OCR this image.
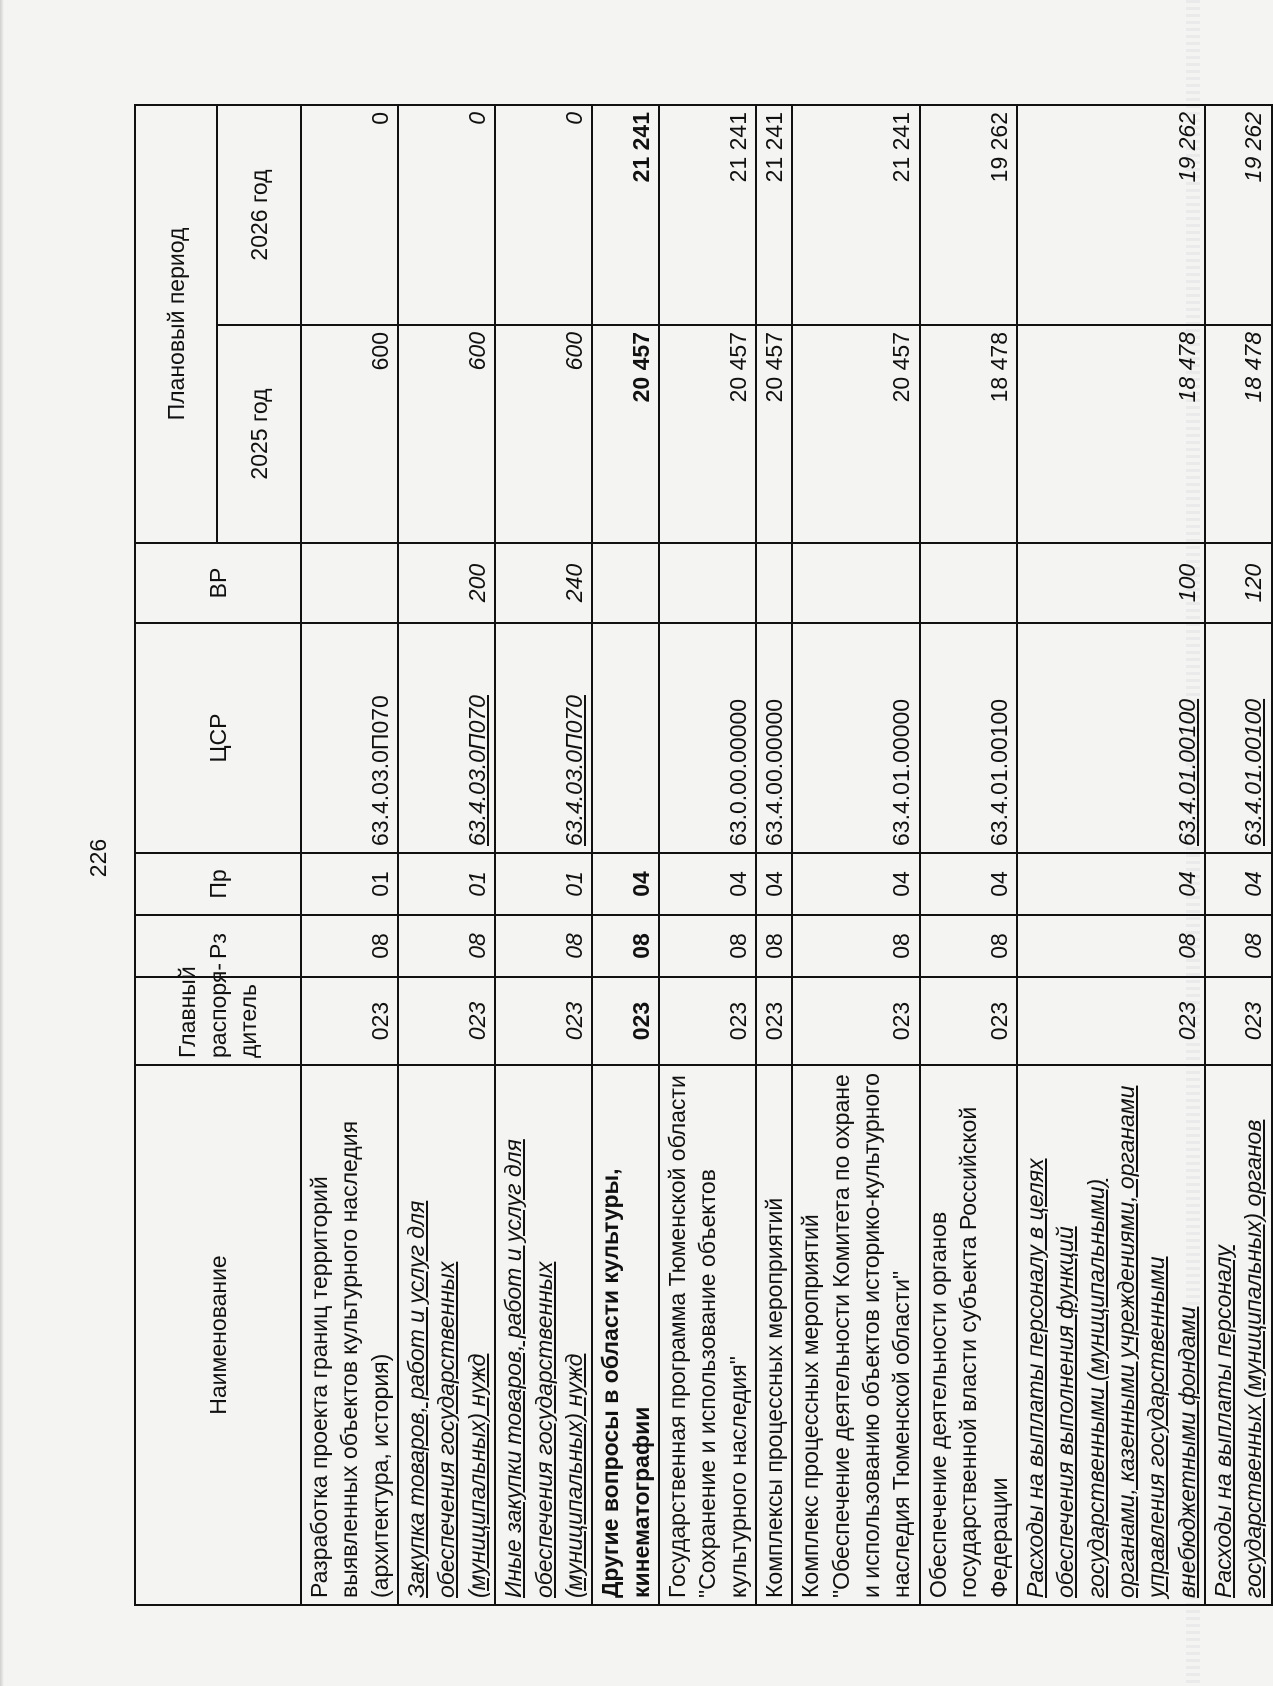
226
Наименование	Главный распоря-дитель	Рз	Пр	ЦСР	ВР	Плановый период	
						2025 год	2026 год
Разработка проекта границ территорий выявленных объектов культурного наследия (архитектура, история)	023	08	01	63.4.03.0П070		600	0
Закупка товаров, работ и услуг для обеспечения государственных (муниципальных) нужд	023	08	01	63.4.03.0П070	200	600	0
Иные закупки товаров, работ и услуг для обеспечения государственных (муниципальных) нужд	023	08	01	63.4.03.0П070	240	600	0
Другие вопросы в области культуры, кинематографии	023	08	04			20 457	21 241
Государственная программа Тюменской области "Сохранение и использование объектов культурного наследия"	023	08	04	63.0.00.00000		20 457	21 241
Комплексы процессных мероприятий	023	08	04	63.4.00.00000		20 457	21 241
Комплекс процессных мероприятий "Обеспечение деятельности Комитета по охране и использованию объектов историко-культурного наследия Тюменской области"	023	08	04	63.4.01.00000		20 457	21 241
Обеспечение деятельности органов государственной власти субъекта Российской Федерации	023	08	04	63.4.01.00100		18 478	19 262
Расходы на выплаты персоналу в целях обеспечения выполнения функций государственными (муниципальными) органами, казенными учреждениями, органами управления государственными внебюджетными фондами	023	08	04	63.4.01.00100	100	18 478	19 262
Расходы на выплаты персоналу государственных (муниципальных) органов	023	08	04	63.4.01.00100	120	18 478	19 262
